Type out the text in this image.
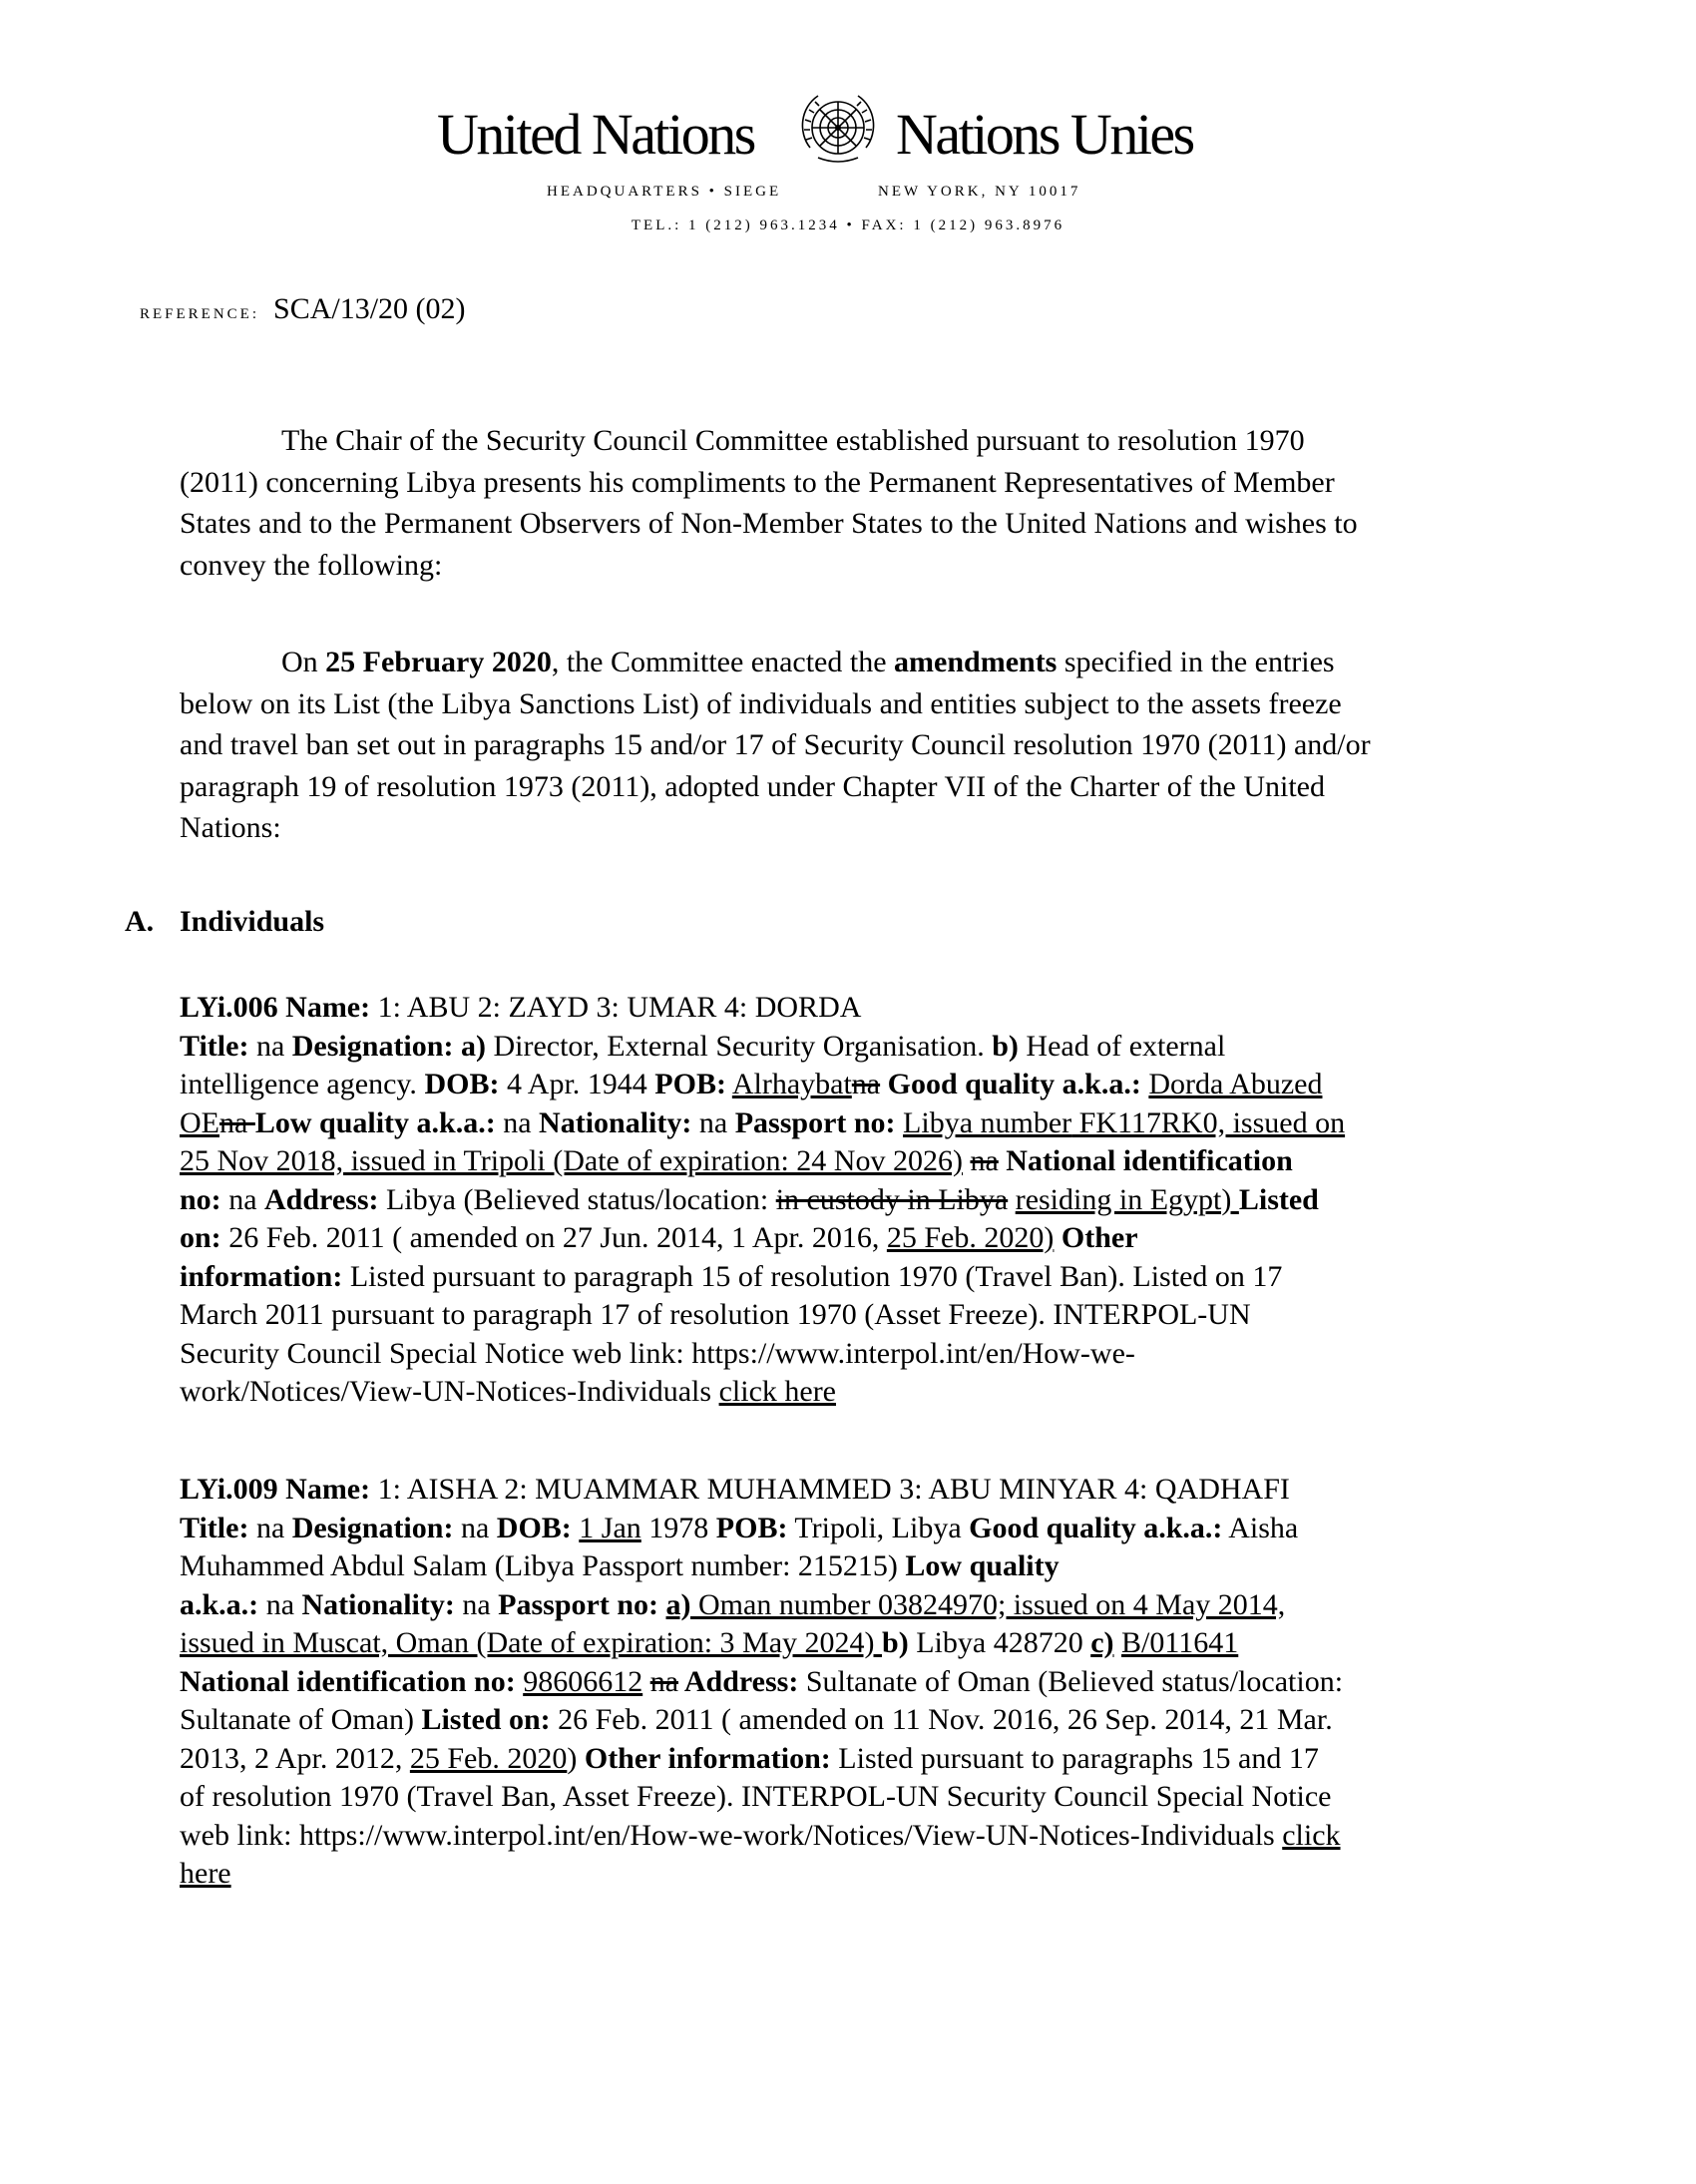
United Nations Nations Unies
HEADQUARTERS • SIEGE	NEW YORK, NY 10017
TEL.: 1 (212) 963.1234 • FAX: 1 (212) 963.8976
REFERENCE: SCA/13/20 (02)
The Chair of the Security Council Committee established pursuant to resolution 1970
(2011) concerning Libya presents his compliments to the Permanent Representatives of Member
States and to the Permanent Observers of Non-Member States to the United Nations and wishes to
convey the following:
On 25 February 2020, the Committee enacted the amendments specified in the entries
below on its List (the Libya Sanctions List) of individuals and entities subject to the assets freeze
and travel ban set out in paragraphs 15 and/or 17 of Security Council resolution 1970 (2011) and/or
paragraph 19 of resolution 1973 (2011), adopted under Chapter VII of the Charter of the United
Nations:
A. Individuals
LYi.006 Name: 1: ABU 2: ZAYD 3: UMAR 4: DORDA
Title: na Designation: a) Director, External Security Organisation. b) Head of external
intelligence agency. DOB: 4 Apr. 1944 POB: Alrhaybatna Good quality a.k.a.: Dorda Abuzed
OEna Low quality a.k.a.: na Nationality: na Passport no: Libya number FK117RK0, issued on
25 Nov 2018, issued in Tripoli (Date of expiration: 24 Nov 2026) na National identification
no: na Address: Libya (Believed status/location: in custody in Libya residing in Egypt) Listed
on: 26 Feb. 2011 ( amended on 27 Jun. 2014, 1 Apr. 2016, 25 Feb. 2020) Other
information: Listed pursuant to paragraph 15 of resolution 1970 (Travel Ban). Listed on 17
March 2011 pursuant to paragraph 17 of resolution 1970 (Asset Freeze). INTERPOL-UN
Security Council Special Notice web link: https://www.interpol.int/en/How-we-
work/Notices/View-UN-Notices-Individuals click here
LYi.009 Name: 1: AISHA 2: MUAMMAR MUHAMMED 3: ABU MINYAR 4: QADHAFI
Title: na Designation: na DOB: 1 Jan 1978 POB: Tripoli, Libya Good quality a.k.a.: Aisha
Muhammed Abdul Salam (Libya Passport number: 215215) Low quality
a.k.a.: na Nationality: na Passport no: a) Oman number 03824970; issued on 4 May 2014,
issued in Muscat, Oman (Date of expiration: 3 May 2024) b) Libya 428720 c) B/011641
National identification no: 98606612 na Address: Sultanate of Oman (Believed status/location:
Sultanate of Oman) Listed on: 26 Feb. 2011 ( amended on 11 Nov. 2016, 26 Sep. 2014, 21 Mar.
2013, 2 Apr. 2012, 25 Feb. 2020) Other information: Listed pursuant to paragraphs 15 and 17
of resolution 1970 (Travel Ban, Asset Freeze). INTERPOL-UN Security Council Special Notice
web link: https://www.interpol.int/en/How-we-work/Notices/View-UN-Notices-Individuals click
here
